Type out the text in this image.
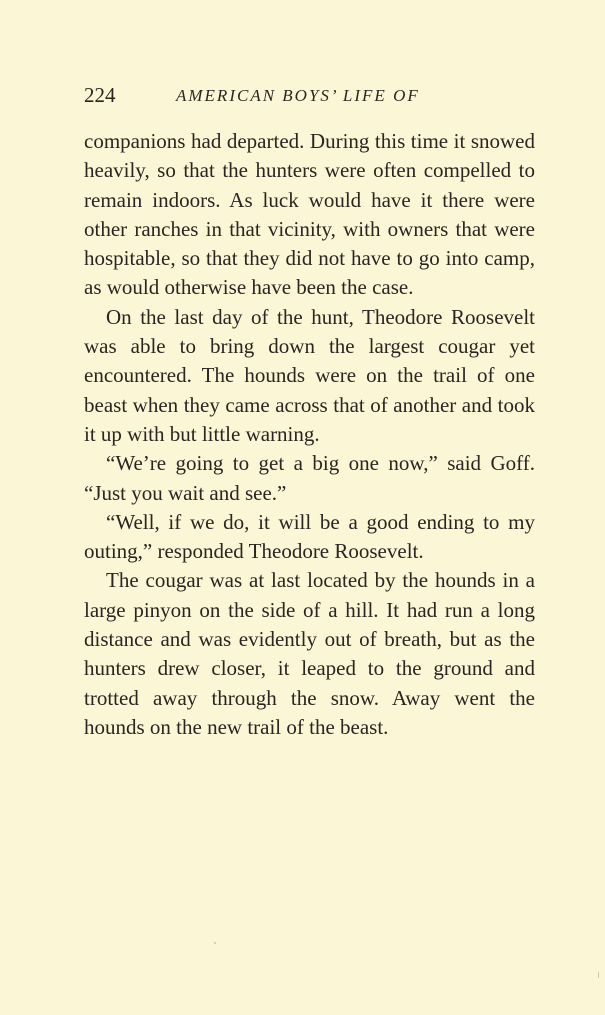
224	AMERICAN BOYS’ LIFE OF

companions had departed. During this time it snowed heavily, so that the hunters were often compelled to remain indoors. As luck would have it there were other ranches in that vicinity, with owners that were hospitable, so that they did not have to go into camp, as would otherwise have been the case.

On the last day of the hunt, Theodore Roosevelt was able to bring down the largest cougar yet encountered. The hounds were on the trail of one beast when they came across that of another and took it up with but little warning.

“We’re going to get a big one now,” said Goff. “Just you wait and see.”

“Well, if we do, it will be a good ending to my outing,” responded Theodore Roosevelt.

The cougar was at last located by the hounds in a large pinyon on the side of a hill. It had run a long distance and was evidently out of breath, but as the hunters drew closer, it leaped to the ground and trotted away through the snow. Away went the hounds on the new trail of the beast.
